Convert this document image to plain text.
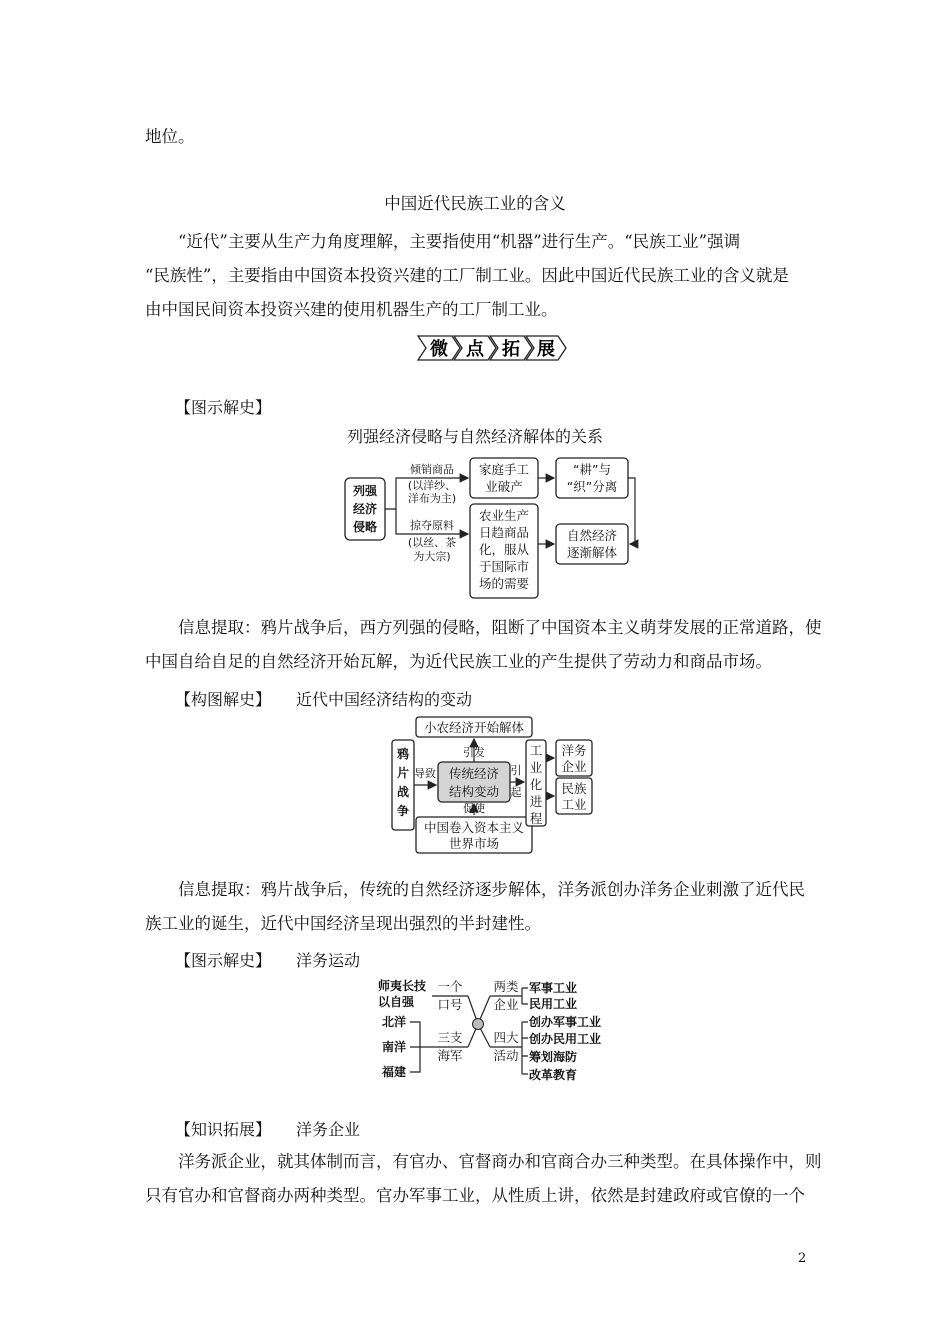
地位。
中国近代民族工业的含义
“近代”主要从生产力角度理解，主要指使用“机器”进行生产。“民族工业”强调
“民族性”，主要指由中国资本投资兴建的工厂制工业。因此中国近代民族工业的含义就是
由中国民间资本投资兴建的使用机器生产的工厂制工业。
微 点 拓 展
【图示解史】
列强经济侵略与自然经济解体的关系
列强
经济
侵略
倾销商品
(以洋纱、
洋布为主)
掠夺原料
(以丝、茶
为大宗)
家庭手工
业破产
“耕”与
“织”分离
农业生产
日趋商品
化，服从
于国际市
场的需要
自然经济
逐渐解体
信息提取：鸦片战争后，西方列强的侵略，阻断了中国资本主义萌芽发展的正常道路，使
中国自给自足的自然经济开始瓦解，为近代民族工业的产生提供了劳动力和商品市场。
【构图解史】 近代中国经济结构的变动
鸦
片
战
争
导致
小农经济开始解体
传统经济
结构变动
引发
促使
中国卷入资本主义
世界市场
引
起
工
业
化
进
程
洋务
企业
民族
工业
信息提取：鸦片战争后，传统的自然经济逐步解体，洋务派创办洋务企业刺激了近代民
族工业的诞生，近代中国经济呈现出强烈的半封建性。
【图示解史】 洋务运动
师夷长技
以自强
一个
口号
北洋
南洋
福建
三支
海军
两类
企业
四大
活动
军事工业
民用工业
创办军事工业
创办民用工业
筹划海防
改革教育
【知识拓展】 洋务企业
洋务派企业，就其体制而言，有官办、官督商办和官商合办三种类型。在具体操作中，则
只有官办和官督商办两种类型。官办军事工业，从性质上讲，依然是封建政府或官僚的一个
2
